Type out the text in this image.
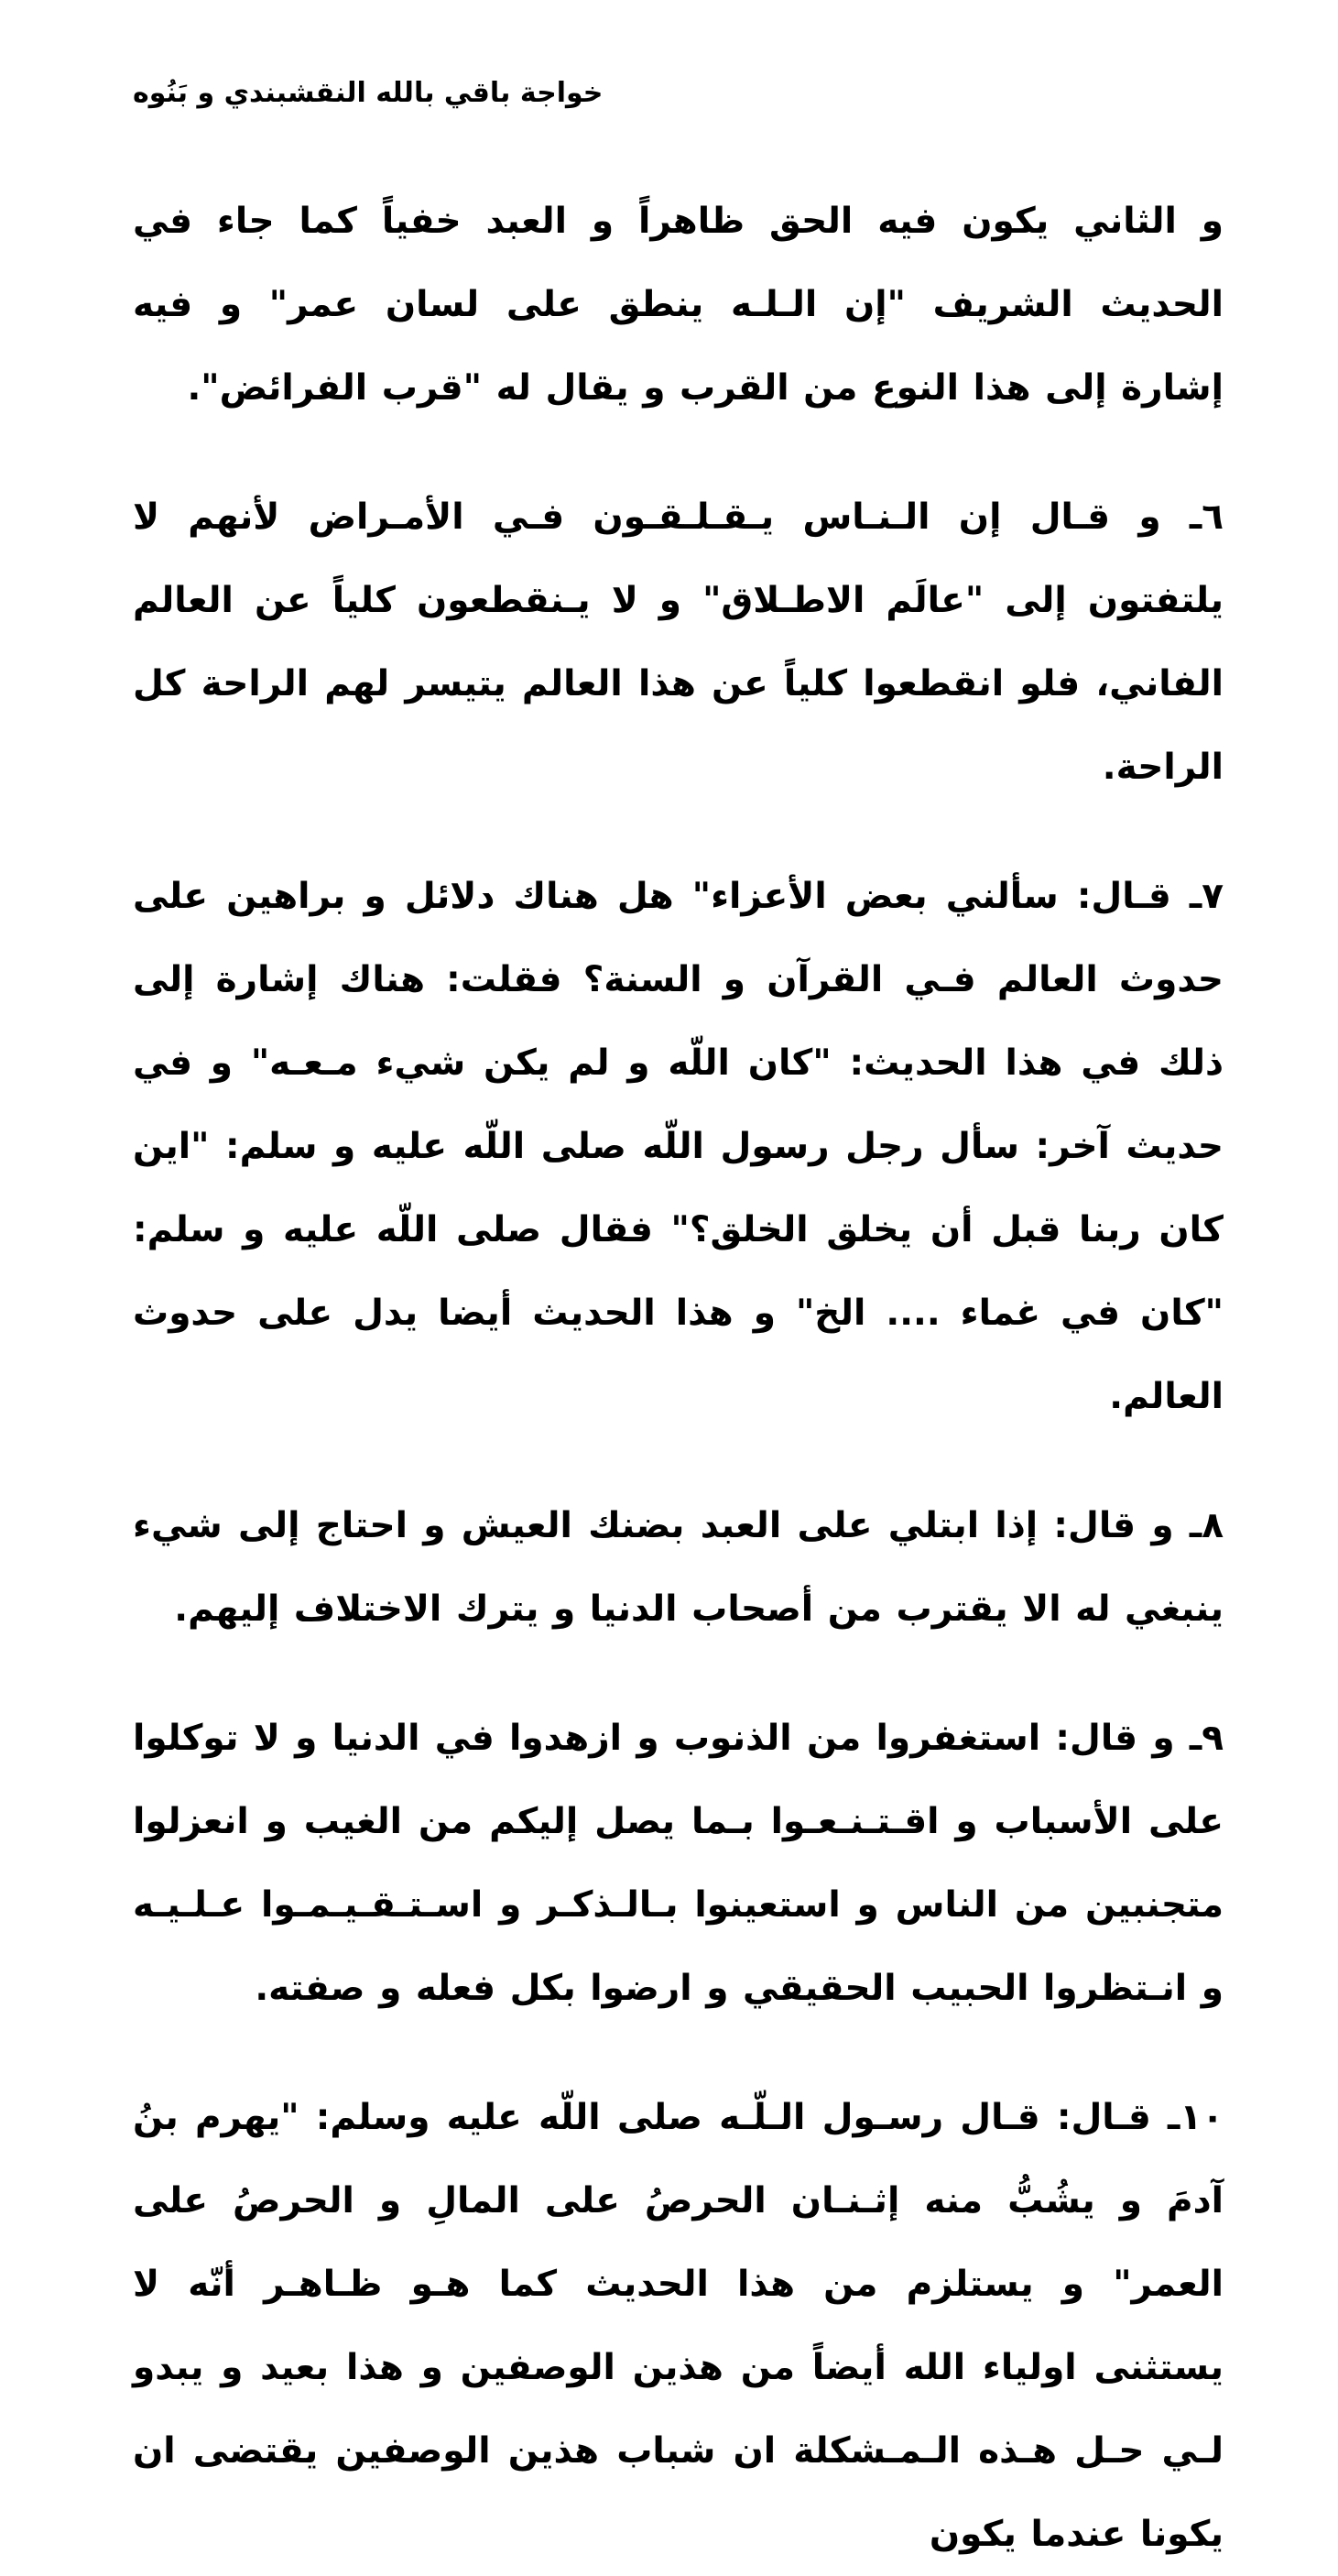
خواجة باقي بالله النقشبندي و بَنُوه

و الثاني يكون فيه الحق ظاهراً و العبد خفياً كما جاء في الحديث الشريف "إن الـلـه ينطق على لسان عمر" و فيه إشارة إلى هذا النوع من القرب و يقال له "قرب الفرائض".

٦ـ و قـال إن الـنـاس يـقـلـقـون فـي الأمـراض لأنهم لا يلتفتون إلى "عالَم الاطـلاق" و لا يـنقطعون كلياً عن العالم الفاني، فلو انقطعوا كلياً عن هذا العالم يتيسر لهم الراحة كل الراحة.

٧ـ قـال: سألني بعض الأعزاء" هل هناك دلائل و براهين على حدوث العالم فـي القرآن و السنة؟ فقلت: هناك إشارة إلى ذلك في هذا الحديث: "كان اللّه و لم يكن شيء مـعـه" و في حديث آخر: سأل رجل رسول اللّه صلى اللّه عليه و سلم: "اين كان ربنا قبل أن يخلق الخلق؟" فقال صلى اللّه عليه و سلم: "كان في غماء .... الخ" و هذا الحديث أيضا يدل على حدوث العالم.

٨ـ و قال: إذا ابتلي على العبد بضنك العيش و احتاج إلى شيء ينبغي له الا يقترب من أصحاب الدنيا و يترك الاختلاف إليهم.

٩ـ و قال: استغفروا من الذنوب و ازهدوا في الدنيا و لا توكلوا على الأسباب و اقـتـنـعـوا بـما يصل إليكم من الغيب و انعزلوا متجنبين من الناس و استعينوا بـالـذكـر و اسـتـقـيـمـوا عـلـيـه و انـتظروا الحبيب الحقيقي و ارضوا بكل فعله و صفته.

١٠ـ قـال: قـال رسـول الـلّـه صلى اللّه عليه وسلم: "يهرم بنُ آدمَ و يشُبُّ منه إثـنـان الحرصُ على المالِ و الحرصُ على العمر" و يستلزم من هذا الحديث كما هـو ظـاهـر أنّه لا يستثنى اولياء الله أيضاً من هذين الوصفين و هذا بعيد و يبدو لـي حـل هـذه الـمـشكلة ان شباب هذين الوصفين يقتضى ان يكونا عندما يكون
